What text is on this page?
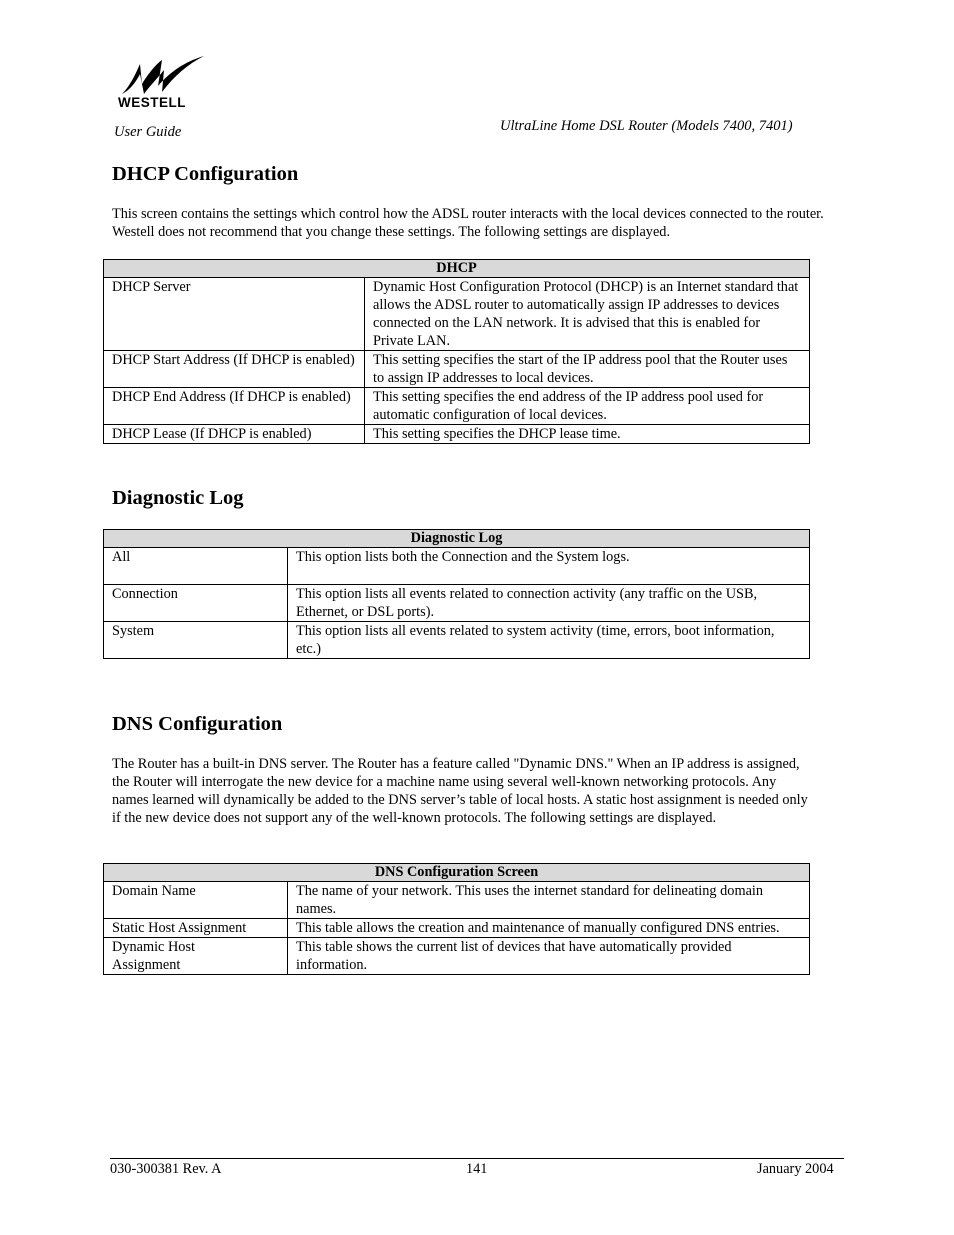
WESTELL
User Guide	UltraLine Home DSL Router (Models 7400, 7401)
DHCP Configuration

This screen contains the settings which control how the ADSL router interacts with the local devices connected to the router. Westell does not recommend that you change these settings. The following settings are displayed.

DHCP	
DHCP Server	Dynamic Host Configuration Protocol (DHCP) is an Internet standard that allows the ADSL router to automatically assign IP addresses to devices connected on the LAN network. It is advised that this is enabled for Private LAN.
DHCP Start Address (If DHCP is enabled)	This setting specifies the start of the IP address pool that the Router uses to assign IP addresses to local devices.
DHCP End Address (If DHCP is enabled)	This setting specifies the end address of the IP address pool used for automatic configuration of local devices.
DHCP Lease (If DHCP is enabled)	This setting specifies the DHCP lease time.
Diagnostic Log
Diagnostic Log	
All	This option lists both the Connection and the System logs.
Connection	This option lists all events related to connection activity (any traffic on the USB, Ethernet, or DSL ports).
System	This option lists all events related to system activity (time, errors, boot information, etc.)
DNS Configuration

The Router has a built-in DNS server. The Router has a feature called "Dynamic DNS." When an IP address is assigned, the Router will interrogate the new device for a machine name using several well-known networking protocols. Any names learned will dynamically be added to the DNS server’s table of local hosts. A static host assignment is needed only if the new device does not support any of the well-known protocols. The following settings are displayed.

DNS Configuration Screen	
Domain Name	The name of your network. This uses the internet standard for delineating domain names.
Static Host Assignment	This table allows the creation and maintenance of manually configured DNS entries.
Dynamic Host Assignment	This table shows the current list of devices that have automatically provided information.
030-300381 Rev. A	141	January 2004
